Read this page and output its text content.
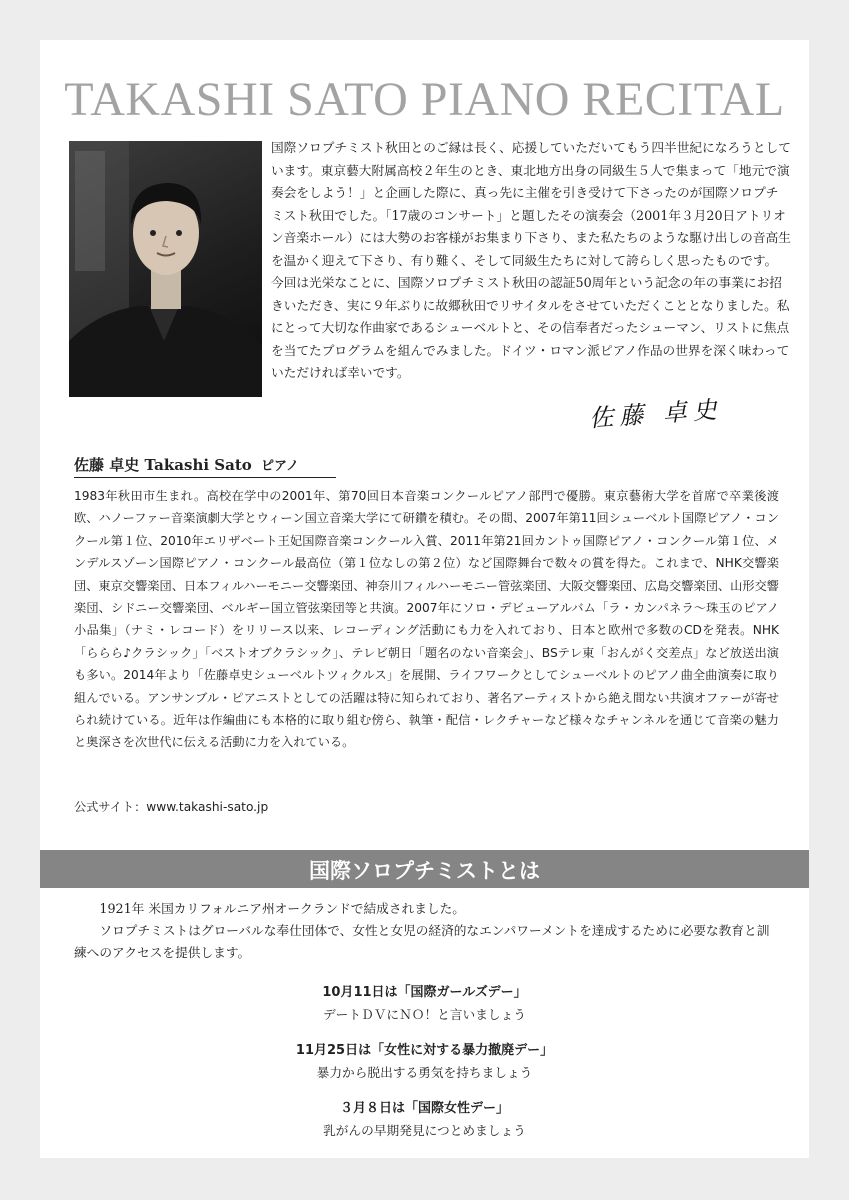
TAKASHI SATO PIANO RECITAL

国際ソロプチミスト秋田とのご縁は長く、応援していただいてもう四半世紀になろうとしています。東京藝大附属高校２年生のとき、東北地方出身の同級生５人で集まって「地元で演奏会をしよう！」と企画した際に、真っ先に主催を引き受けて下さったのが国際ソロプチミスト秋田でした。「17歳のコンサート」と題したその演奏会（2001年３月20日アトリオン音楽ホール）には大勢のお客様がお集まり下さり、また私たちのような駆け出しの音高生を温かく迎えて下さり、有り難く、そして同級生たちに対して誇らしく思ったものです。

今回は光栄なことに、国際ソロプチミスト秋田の認証50周年という記念の年の事業にお招きいただき、実に９年ぶりに故郷秋田でリサイタルをさせていただくこととなりました。私にとって大切な作曲家であるシューベルトと、その信奉者だったシューマン、リストに焦点を当てたプログラムを組んでみました。ドイツ・ロマン派ピアノ作品の世界を深く味わっていただければ幸いです。

佐藤 卓史
佐藤 卓史 Takashi Sato ピアノ

1983年秋田市生まれ。高校在学中の2001年、第70回日本音楽コンクールピアノ部門で優勝。東京藝術大学を首席で卒業後渡欧、ハノーファー音楽演劇大学とウィーン国立音楽大学にて研鑽を積む。その間、2007年第11回シューベルト国際ピアノ・コンクール第１位、2010年エリザベート王妃国際音楽コンクール入賞、2011年第21回カントゥ国際ピアノ・コンクール第１位、メンデルスゾーン国際ピアノ・コンクール最高位（第１位なしの第２位）など国際舞台で数々の賞を得た。これまで、NHK交響楽団、東京交響楽団、日本フィルハーモニー交響楽団、神奈川フィルハーモニー管弦楽団、大阪交響楽団、広島交響楽団、山形交響楽団、シドニー交響楽団、ベルギー国立管弦楽団等と共演。2007年にソロ・デビューアルバム「ラ・カンパネラ～珠玉のピアノ小品集」（ナミ・レコード）をリリース以来、レコーディング活動にも力を入れており、日本と欧州で多数のCDを発表。NHK「ららら♪クラシック」「ベストオブクラシック」、テレビ朝日「題名のない音楽会」、BSテレ東「おんがく交差点」など放送出演も多い。2014年より「佐藤卓史シューベルトツィクルス」を展開、ライフワークとしてシューベルトのピアノ曲全曲演奏に取り組んでいる。アンサンブル・ピアニストとしての活躍は特に知られており、著名アーティストから絶え間ない共演オファーが寄せられ続けている。近年は作編曲にも本格的に取り組む傍ら、執筆・配信・レクチャーなど様々なチャンネルを通じて音楽の魅力と奥深さを次世代に伝える活動に力を入れている。

公式サイト：www.takashi-sato.jp
国際ソロプチミストとは

1921年 米国カリフォルニア州オークランドで結成されました。

ソロプチミストはグローバルな奉仕団体で、女性と女児の経済的なエンパワーメントを達成するために必要な教育と訓練へのアクセスを提供します。

10月11日は「国際ガールズデー」

デートＤＶにＮＯ！と言いましょう

11月25日は「女性に対する暴力撤廃デー」

暴力から脱出する勇気を持ちましょう

３月８日は「国際女性デー」

乳がんの早期発見につとめましょう
